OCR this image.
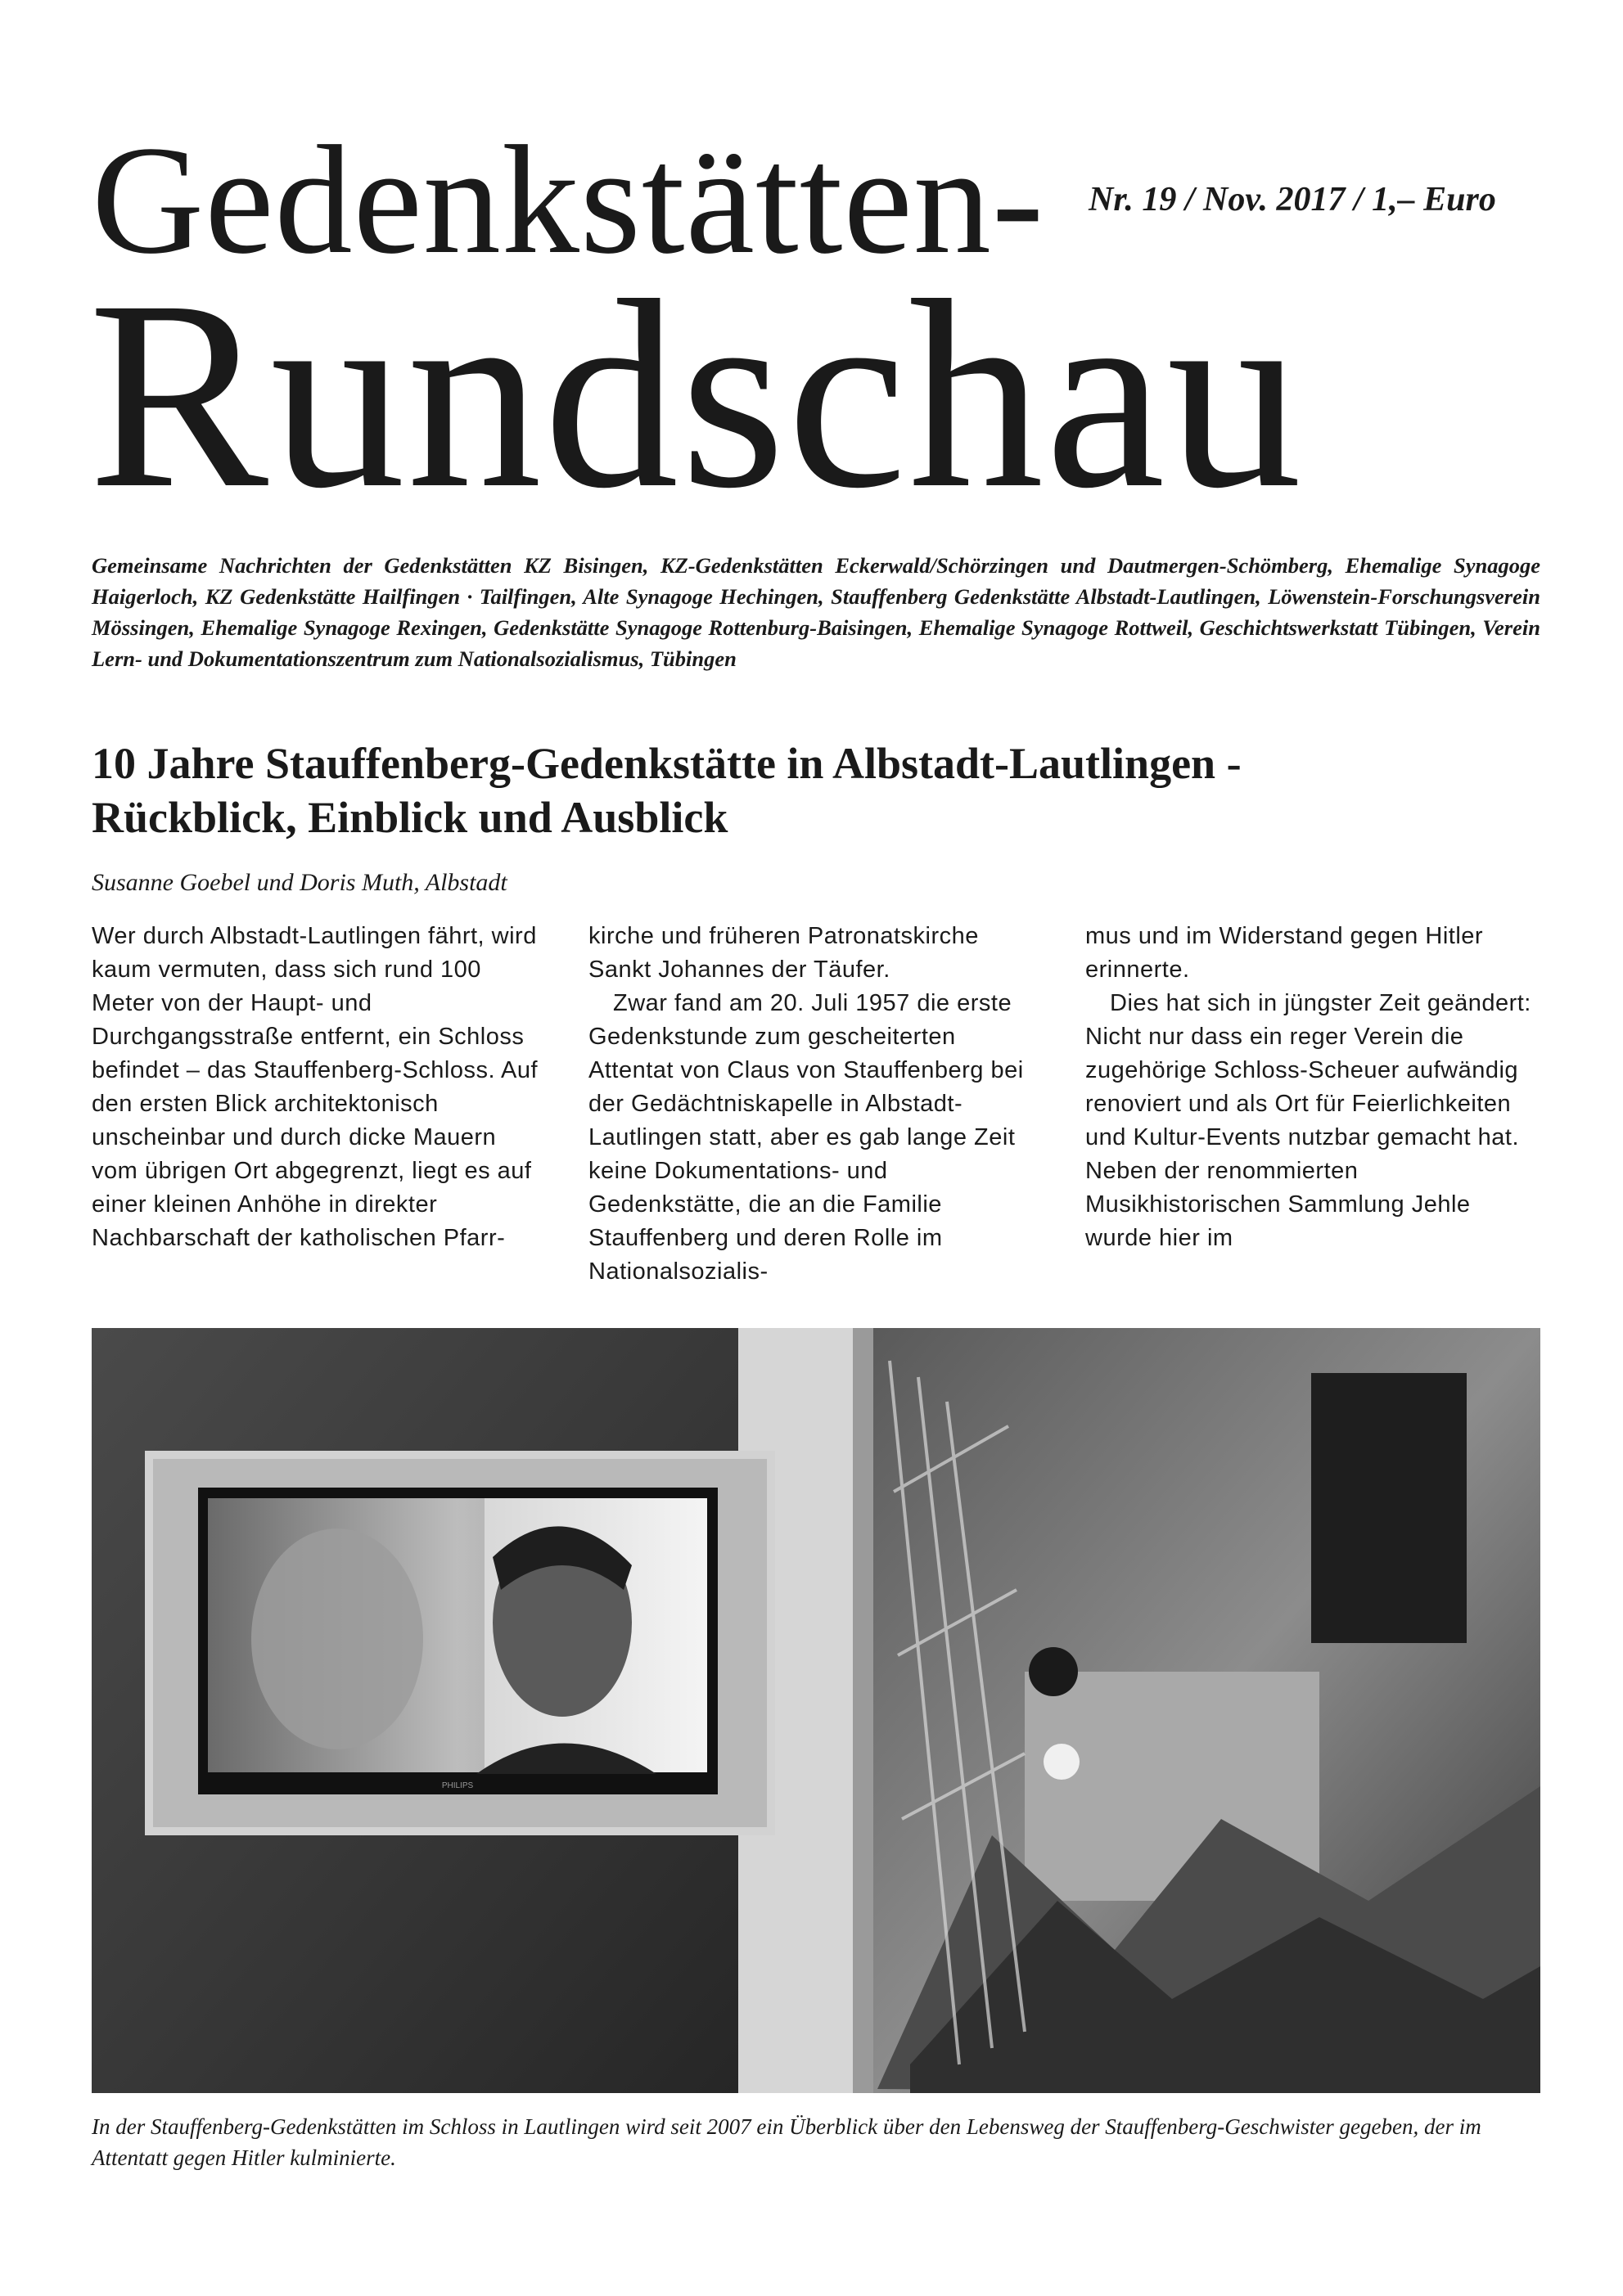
Gedenkstätten- Nr. 19 / Nov. 2017 / 1,– Euro
Rundschau
Gemeinsame Nachrichten der Gedenkstätten KZ Bisingen, KZ-Gedenkstätten Eckerwald/Schörzingen und Dautmergen-Schömberg, Ehemalige Synagoge Haigerloch, KZ Gedenkstätte Hailfingen · Tailfingen, Alte Synagoge Hechingen, Stauffenberg Gedenkstätte Albstadt-Lautlingen, Löwenstein-Forschungsverein Mössingen, Ehemalige Synagoge Rexingen, Gedenkstätte Synagoge Rottenburg-Baisingen, Ehemalige Synagoge Rottweil, Geschichtswerkstatt Tübingen, Verein Lern- und Dokumentationszentrum zum Nationalsozialismus, Tübingen
10 Jahre Stauffenberg-Gedenkstätte in Albstadt-Lautlingen -
Rückblick, Einblick und Ausblick
Susanne Goebel und Doris Muth, Albstadt

Wer durch Albstadt-Lautlingen fährt, wird kaum vermuten, dass sich rund 100 Meter von der Haupt- und Durchgangsstraße entfernt, ein Schloss befindet – das Stauffenberg-Schloss. Auf den ersten Blick architektonisch unscheinbar und durch dicke Mauern vom übrigen Ort abgegrenzt, liegt es auf einer kleinen Anhöhe in direkter Nachbarschaft der katholischen Pfarr-

kirche und früheren Patronatskirche Sankt Johannes der Täufer.

Zwar fand am 20. Juli 1957 die erste Gedenkstunde zum gescheiterten Attentat von Claus von Stauffenberg bei der Gedächtniskapelle in Albstadt-Lautlingen statt, aber es gab lange Zeit keine Dokumentations- und Gedenkstätte, die an die Familie Stauffenberg und deren Rolle im Nationalsozialis-

mus und im Widerstand gegen Hitler erinnerte.

Dies hat sich in jüngster Zeit geändert: Nicht nur dass ein reger Verein die zugehörige Schloss-Scheuer aufwändig renoviert und als Ort für Feierlichkeiten und Kultur-Events nutzbar gemacht hat. Neben der renommierten Musikhistorischen Sammlung Jehle wurde hier im

PHILIPS
In der Stauffenberg-Gedenkstätten im Schloss in Lautlingen wird seit 2007 ein Überblick über den Lebensweg der Stauffenberg-Geschwister gegeben, der im Attentatt gegen Hitler kulminierte.
